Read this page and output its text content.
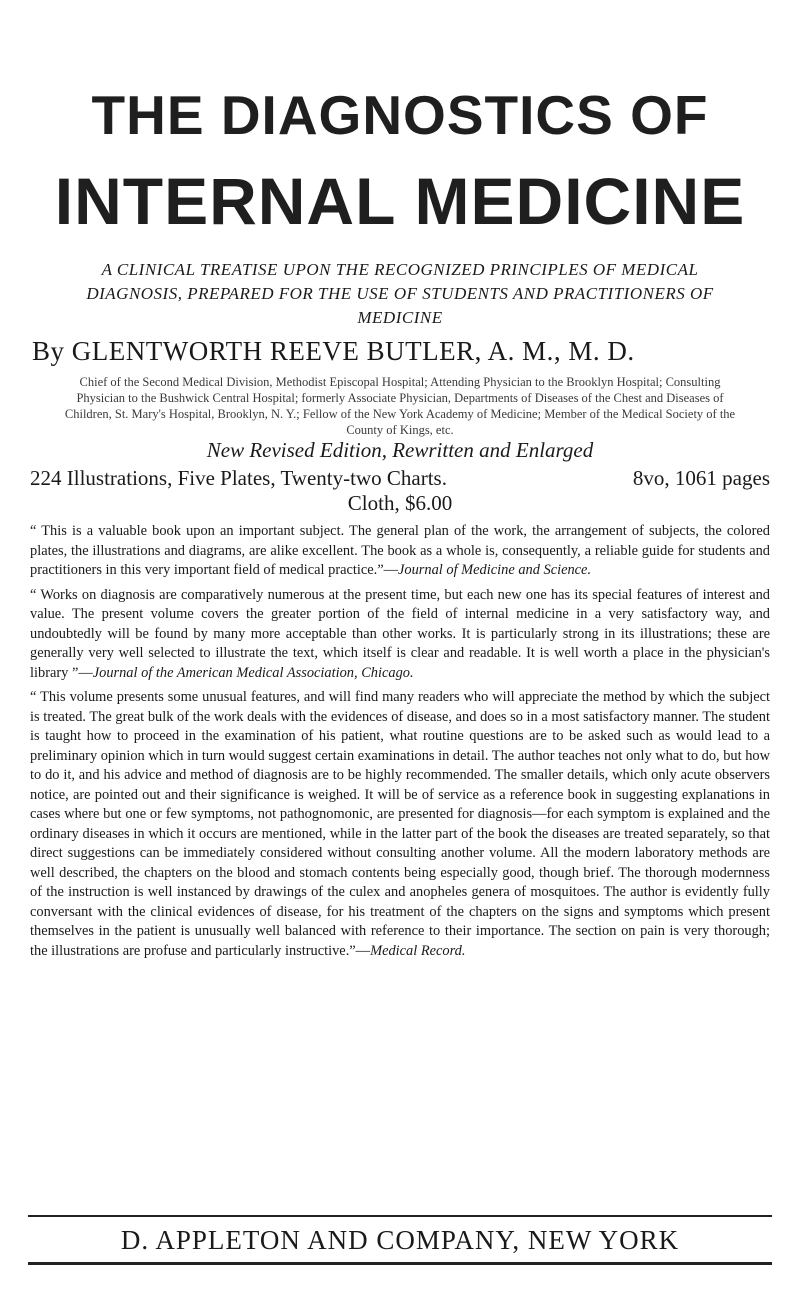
THE DIAGNOSTICS OF
INTERNAL MEDICINE
A CLINICAL TREATISE UPON THE RECOGNIZED PRINCIPLES OF MEDICAL DIAGNOSIS, PREPARED FOR THE USE OF STUDENTS AND PRACTITIONERS OF MEDICINE
By GLENTWORTH REEVE BUTLER, A. M., M. D.
Chief of the Second Medical Division, Methodist Episcopal Hospital; Attending Physician to the Brooklyn Hospital; Consulting Physician to the Bushwick Central Hospital; formerly Associate Physician, Departments of Diseases of the Chest and Diseases of Children, St. Mary's Hospital, Brooklyn, N. Y.; Fellow of the New York Academy of Medicine; Member of the Medical Society of the County of Kings, etc.
New Revised Edition, Rewritten and Enlarged
224 Illustrations, Five Plates, Twenty-two Charts.	8vo, 1061 pages
Cloth, $6.00

“ This is a valuable book upon an important subject. The general plan of the work, the arrangement of subjects, the colored plates, the illustrations and diagrams, are alike excellent. The book as a whole is, consequently, a reliable guide for students and practitioners in this very important field of medical practice.”—Journal of Medicine and Science.

“ Works on diagnosis are comparatively numerous at the present time, but each new one has its special features of interest and value. The present volume covers the greater portion of the field of internal medicine in a very satisfactory way, and undoubtedly will be found by many more acceptable than other works. It is particularly strong in its illustrations; these are generally very well selected to illustrate the text, which itself is clear and readable. It is well worth a place in the physician's library ”—Journal of the American Medical Association, Chicago.

“ This volume presents some unusual features, and will find many readers who will appreciate the method by which the subject is treated. The great bulk of the work deals with the evidences of disease, and does so in a most satisfactory manner. The student is taught how to proceed in the examination of his patient, what routine questions are to be asked such as would lead to a preliminary opinion which in turn would suggest certain examinations in detail. The author teaches not only what to do, but how to do it, and his advice and method of diagnosis are to be highly recommended. The smaller details, which only acute observers notice, are pointed out and their significance is weighed. It will be of service as a reference book in suggesting explanations in cases where but one or few symptoms, not pathognomonic, are presented for diagnosis—for each symptom is explained and the ordinary diseases in which it occurs are mentioned, while in the latter part of the book the diseases are treated separately, so that direct suggestions can be immediately considered without consulting another volume. All the modern laboratory methods are well described, the chapters on the blood and stomach contents being especially good, though brief. The thorough modernness of the instruction is well instanced by drawings of the culex and anopheles genera of mosquitoes. The author is evidently fully conversant with the clinical evidences of disease, for his treatment of the chapters on the signs and symptoms which present themselves in the patient is unusually well balanced with reference to their importance. The section on pain is very thorough; the illustrations are profuse and particularly instructive.”—Medical Record.

D. APPLETON AND COMPANY, NEW YORK
